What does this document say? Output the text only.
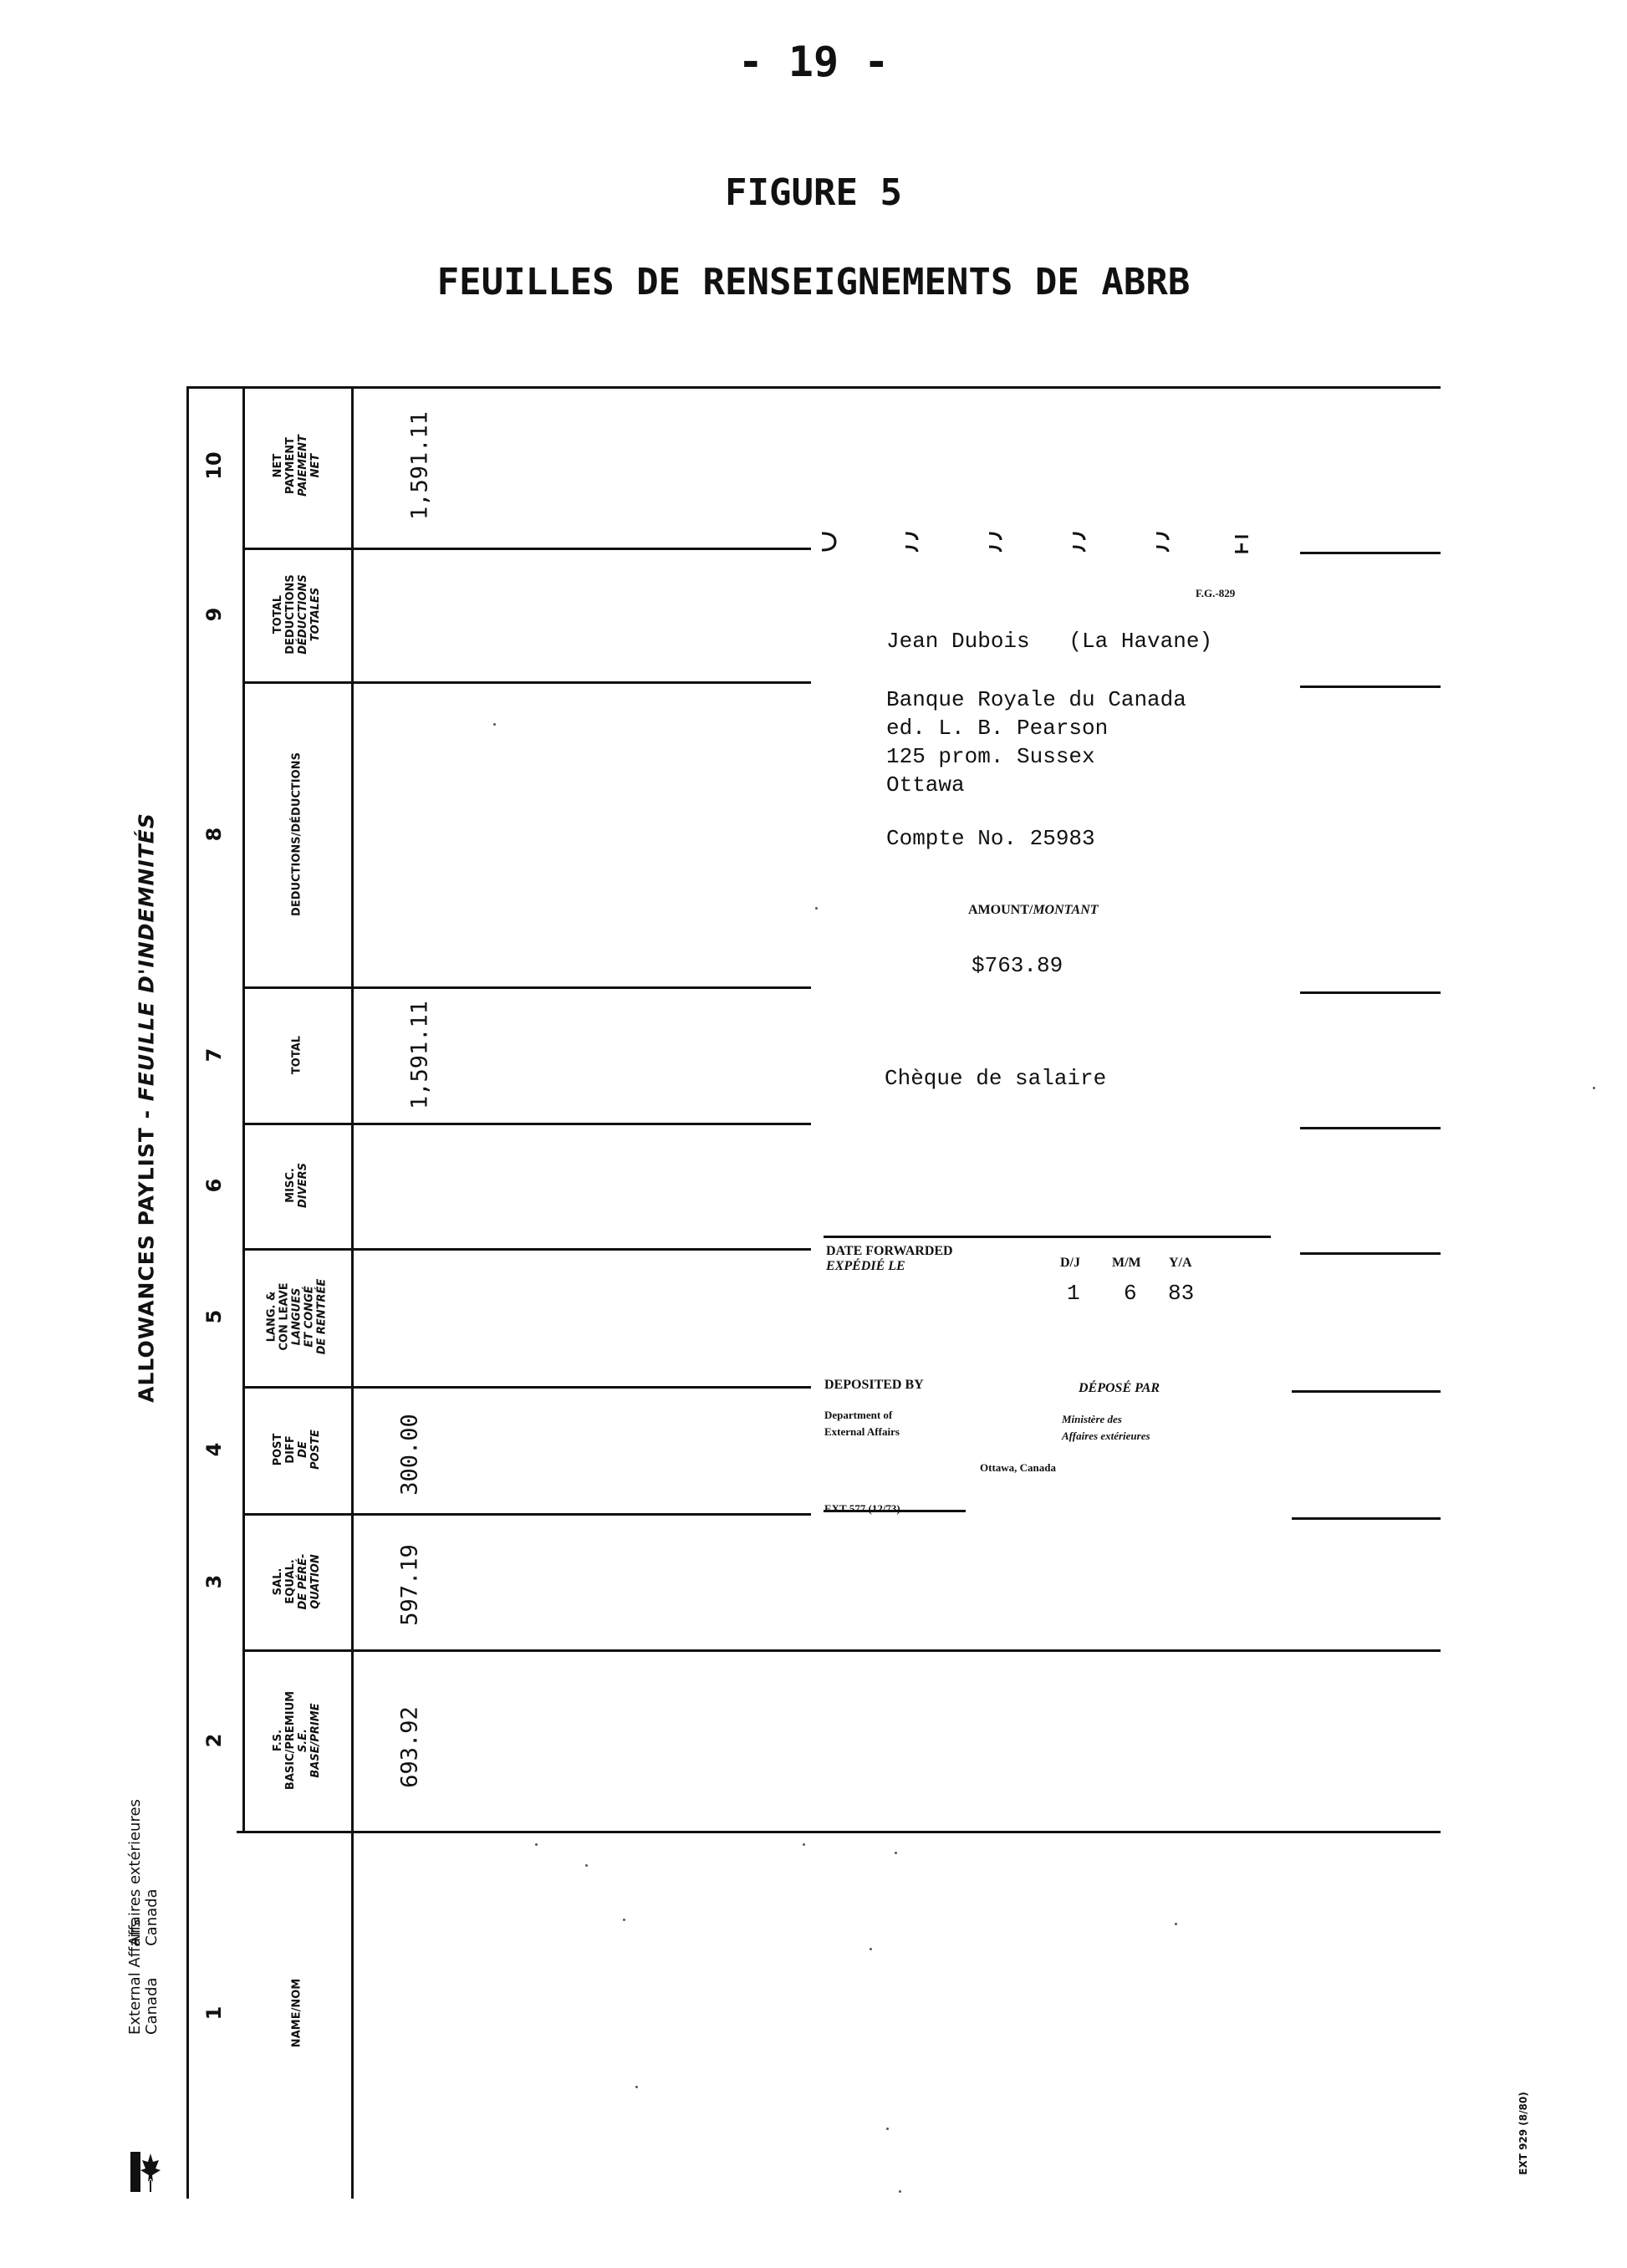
- 19 -
FIGURE 5
FEUILLES DE RENSEIGNEMENTS DE ABRB
10
9
8
7
6
5
4
3
2
1
NET PAYMENT PAIEMENT NET
TOTAL DEDUCTIONS DÉDUCTIONS TOTALES
DEDUCTIONS/DÉDUCTIONS
TOTAL
MISC. DIVERS
LANG. & CON LEAVE LANGUES ET CONGÉ DE RENTRÉE
POST DIFF DE POSTE
SAL. EQUAL. DE PÉRÉ- QUATION
F.S. BASIC/PREMIUM S.E. BASE/PRIME
NAME/NOM
1,591.11
1,591.11
300.00
597.19
693.92
ALLOWANCES PAYLIST - FEUILLE D'INDEMNITÉS
External Affairs Canada
Affaires extérieures Canada
EXT 929 (8/80)
F.G.-829
Jean Dubois   (La Havane)
Banque Royale du Canada
ed. L. B. Pearson
125 prom. Sussex
Ottawa
Compte No. 25983
AMOUNT/MONTANT
$763.89
Chèque de salaire
DATE FORWARDED
EXPÉDIÉ LE	D/J M/M Y/A
1 6 83
DEPOSITED BY	DÉPOSÉ PAR
Department of
External Affairs
Ministère des
Affaires extérieures
Ottawa, Canada
EXT 577 (12/73)
